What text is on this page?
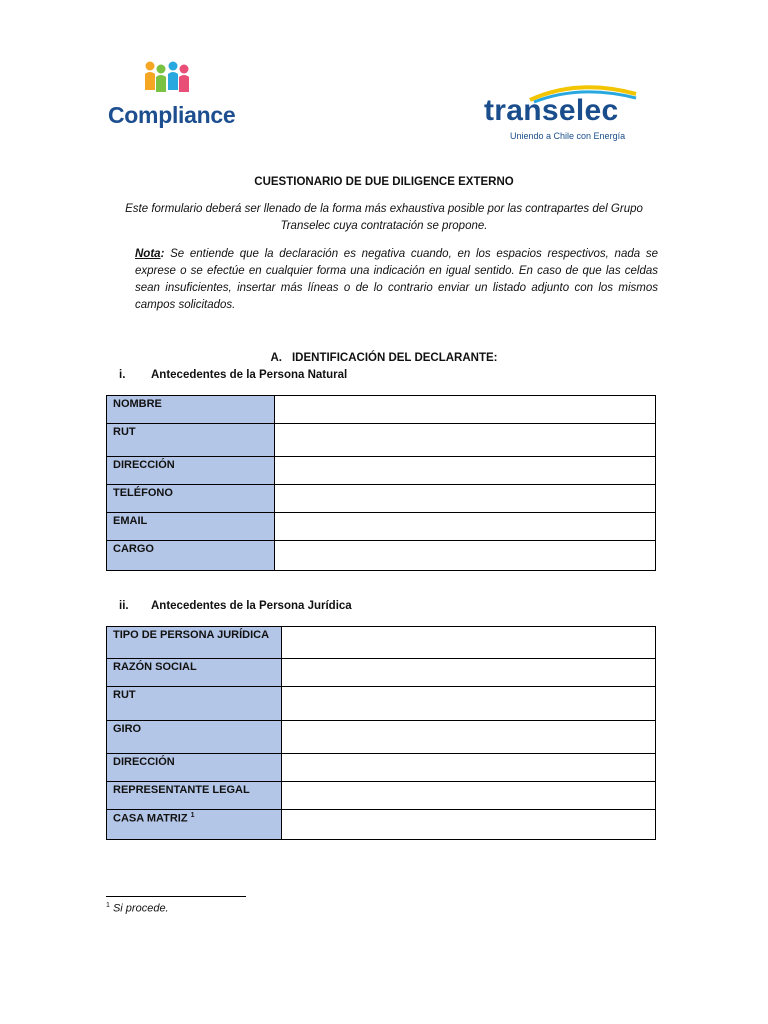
Compliance	transelec
Uniendo a Chile con Energía
CUESTIONARIO DE DUE DILIGENCE EXTERNO
Este formulario deberá ser llenado de la forma más exhaustiva posible por las contrapartes del Grupo Transelec cuya contratación se propone.
Nota: Se entiende que la declaración es negativa cuando, en los espacios respectivos, nada se exprese o se efectúe en cualquier forma una indicación en igual sentido. En caso de que las celdas sean insuficientes, insertar más líneas o de lo contrario enviar un listado adjunto con los mismos campos solicitados.
A. IDENTIFICACIÓN DEL DECLARANTE:
i. Antecedentes de la Persona Natural
NOMBRE	
RUT	
DIRECCIÓN	
TELÉFONO	
EMAIL	
CARGO	
ii. Antecedentes de la Persona Jurídica
TIPO DE PERSONA JURÍDICA	
RAZÓN SOCIAL	
RUT	
GIRO	
DIRECCIÓN	
REPRESENTANTE LEGAL	
CASA MATRIZ $^1$	
$^1$ Si procede.
